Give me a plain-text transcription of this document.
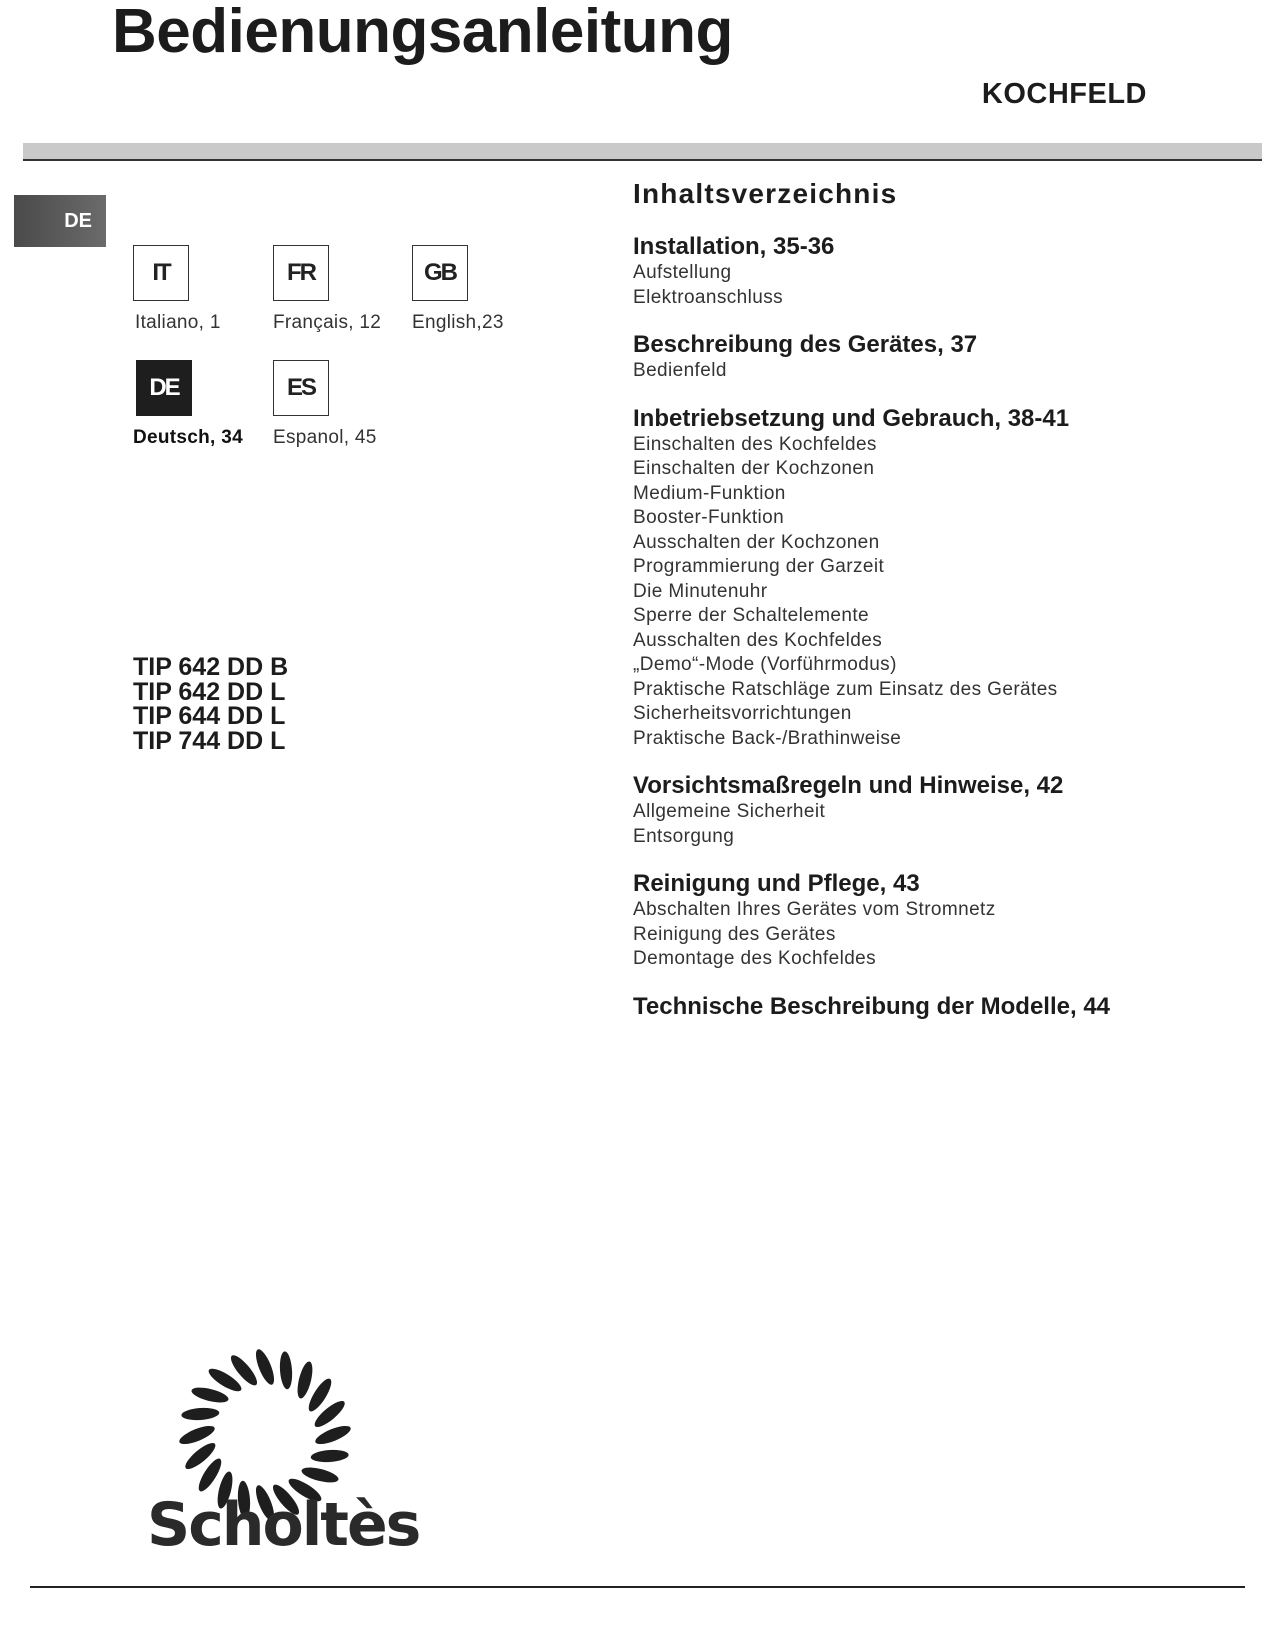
Bedienungsanleitung
KOCHFELD
DE
IT
Italiano, 1
FR
Français, 12
GB
English,23
DE
Deutsch, 34
ES
Espanol, 45
TIP 642 DD B
TIP 642 DD L
TIP 644 DD L
TIP 744 DD L
Inhaltsverzeichnis
Installation, 35-36
Aufstellung
Elektroanschluss
Beschreibung des Gerätes, 37
Bedienfeld
Inbetriebsetzung und Gebrauch, 38-41
Einschalten des Kochfeldes
Einschalten der Kochzonen
Medium-Funktion
Booster-Funktion
Ausschalten der Kochzonen
Programmierung der Garzeit
Die Minutenuhr
Sperre der Schaltelemente
Ausschalten des Kochfeldes
„Demo“-Mode (Vorführmodus)
Praktische Ratschläge zum Einsatz des Gerätes
Sicherheitsvorrichtungen
Praktische Back-/Brathinweise
Vorsichtsmaßregeln und Hinweise, 42
Allgemeine Sicherheit
Entsorgung
Reinigung und Pflege, 43
Abschalten Ihres Gerätes vom Stromnetz
Reinigung des Gerätes
Demontage des Kochfeldes
Technische Beschreibung der Modelle, 44
Scholtès
